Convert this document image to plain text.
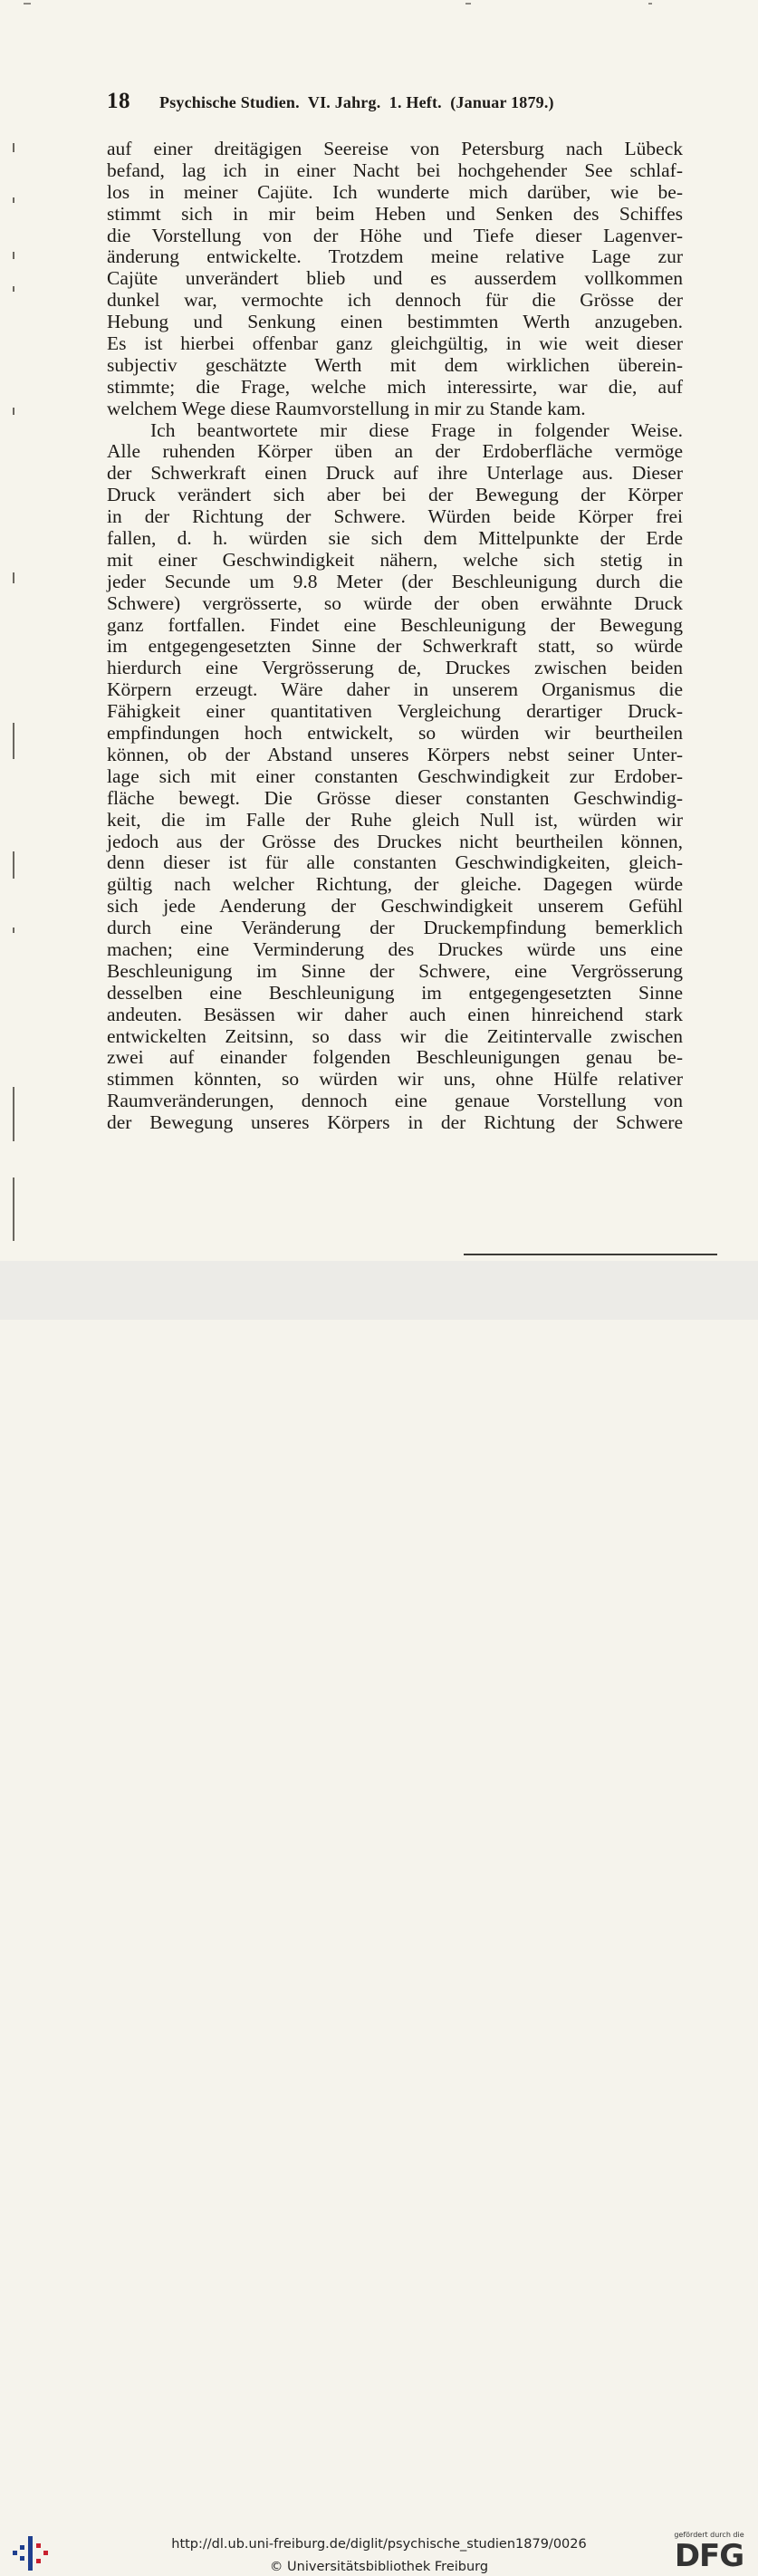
18	Psychische Studien.  VI. Jahrg.  1. Heft.  (Januar 1879.)
auf einer dreitägigen Seereise von Petersburg nach Lübeck
befand, lag ich in einer Nacht bei hochgehender See schlaf-
los in meiner Cajüte. Ich wunderte mich darüber, wie be-
stimmt sich in mir beim Heben und Senken des Schiffes
die Vorstellung von der Höhe und Tiefe dieser Lagenver-
änderung entwickelte. Trotzdem meine relative Lage zur
Cajüte unverändert blieb und es ausserdem vollkommen
dunkel war, vermochte ich dennoch für die Grösse der
Hebung und Senkung einen bestimmten Werth anzugeben.
Es ist hierbei offenbar ganz gleichgültig, in wie weit dieser
subjectiv geschätzte Werth mit dem wirklichen überein-
stimmte; die Frage, welche mich interessirte, war die, auf
welchem Wege diese Raumvorstellung in mir zu Stande kam.
Ich beantwortete mir diese Frage in folgender Weise.
Alle ruhenden Körper üben an der Erdoberfläche vermöge
der Schwerkraft einen Druck auf ihre Unterlage aus. Dieser
Druck verändert sich aber bei der Bewegung der Körper
in der Richtung der Schwere. Würden beide Körper frei
fallen, d. h. würden sie sich dem Mittelpunkte der Erde
mit einer Geschwindigkeit nähern, welche sich stetig in
jeder Secunde um 9.8 Meter (der Beschleunigung durch die
Schwere) vergrösserte, so würde der oben erwähnte Druck
ganz fortfallen. Findet eine Beschleunigung der Bewegung
im entgegengesetzten Sinne der Schwerkraft statt, so würde
hierdurch eine Vergrösserung de, Druckes zwischen beiden
Körpern erzeugt. Wäre daher in unserem Organismus die
Fähigkeit einer quantitativen Vergleichung derartiger Druck-
empfindungen hoch entwickelt, so würden wir beurtheilen
können, ob der Abstand unseres Körpers nebst seiner Unter-
lage sich mit einer constanten Geschwindigkeit zur Erdober-
fläche bewegt. Die Grösse dieser constanten Geschwindig-
keit, die im Falle der Ruhe gleich Null ist, würden wir
jedoch aus der Grösse des Druckes nicht beurtheilen können,
denn dieser ist für alle constanten Geschwindigkeiten, gleich-
gültig nach welcher Richtung, der gleiche. Dagegen würde
sich jede Aenderung der Geschwindigkeit unserem Gefühl
durch eine Veränderung der Druckempfindung bemerklich
machen; eine Verminderung des Druckes würde uns eine
Beschleunigung im Sinne der Schwere, eine Vergrösserung
desselben eine Beschleunigung im entgegengesetzten Sinne
andeuten. Besässen wir daher auch einen hinreichend stark
entwickelten Zeitsinn, so dass wir die Zeitintervalle zwischen
zwei auf einander folgenden Beschleunigungen genau be-
stimmen könnten, so würden wir uns, ohne Hülfe relativer
Raumveränderungen, dennoch eine genaue Vorstellung von
der Bewegung unseres Körpers in der Richtung der Schwere
http://dl.ub.uni-freiburg.de/diglit/psychische_studien1879/0026
© Universitätsbibliothek Freiburg
gefördert durch die
DFG
